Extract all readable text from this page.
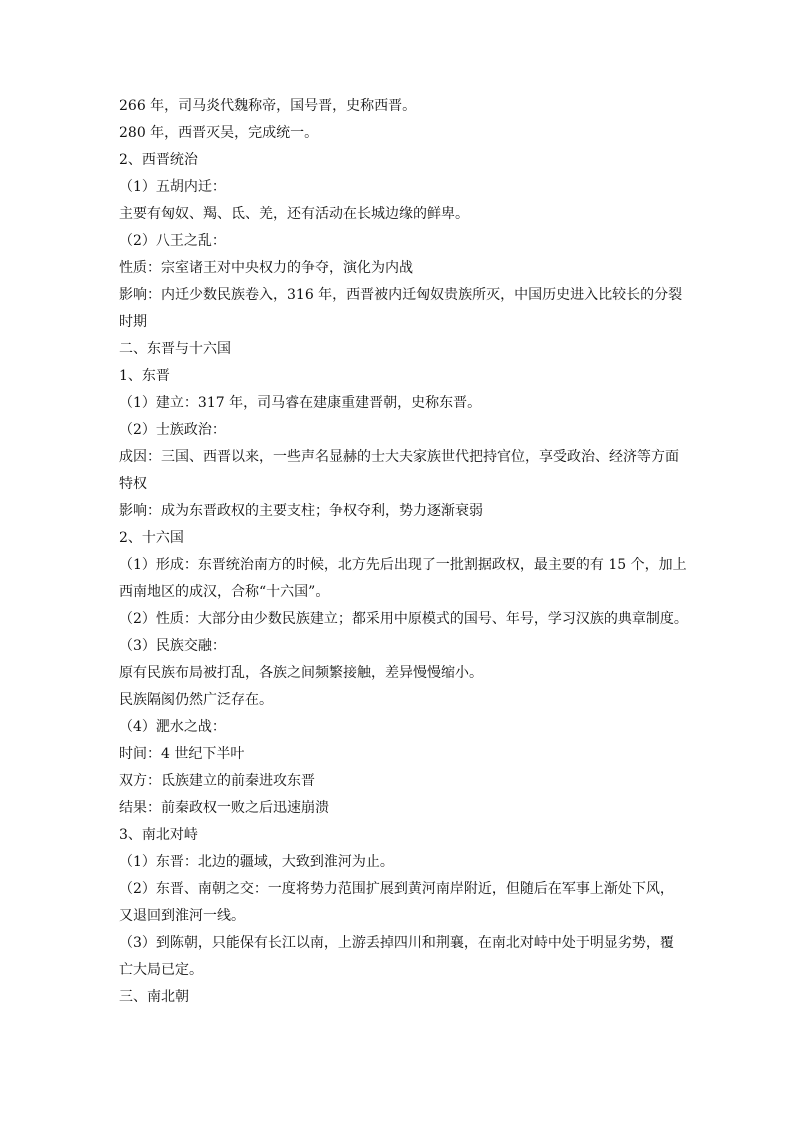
266 年，司马炎代魏称帝，国号晋，史称西晋。
280 年，西晋灭吴，完成统一。
2、西晋统治
（1）五胡内迁：
主要有匈奴、羯、氐、羌，还有活动在长城边缘的鲜卑。
（2）八王之乱：
性质：宗室诸王对中央权力的争夺，演化为内战
影响：内迁少数民族卷入，316 年，西晋被内迁匈奴贵族所灭，中国历史进入比较长的分裂
时期
二、东晋与十六国
1、东晋
（1）建立：317 年，司马睿在建康重建晋朝，史称东晋。
（2）士族政治：
成因：三国、西晋以来，一些声名显赫的士大夫家族世代把持官位，享受政治、经济等方面
特权
影响：成为东晋政权的主要支柱；争权夺利，势力逐渐衰弱
2、十六国
（1）形成：东晋统治南方的时候，北方先后出现了一批割据政权，最主要的有 15 个，加上
西南地区的成汉，合称“十六国”。
（2）性质：大部分由少数民族建立；都采用中原模式的国号、年号，学习汉族的典章制度。
（3）民族交融：
原有民族布局被打乱，各族之间频繁接触，差异慢慢缩小。
民族隔阂仍然广泛存在。
（4）淝水之战：
时间：4 世纪下半叶
双方：氐族建立的前秦进攻东晋
结果：前秦政权一败之后迅速崩溃
3、南北对峙
（1）东晋：北边的疆域，大致到淮河为止。
（2）东晋、南朝之交：一度将势力范围扩展到黄河南岸附近，但随后在军事上渐处下风，
又退回到淮河一线。
（3）到陈朝，只能保有长江以南，上游丢掉四川和荆襄，在南北对峙中处于明显劣势，覆
亡大局已定。
三、南北朝
